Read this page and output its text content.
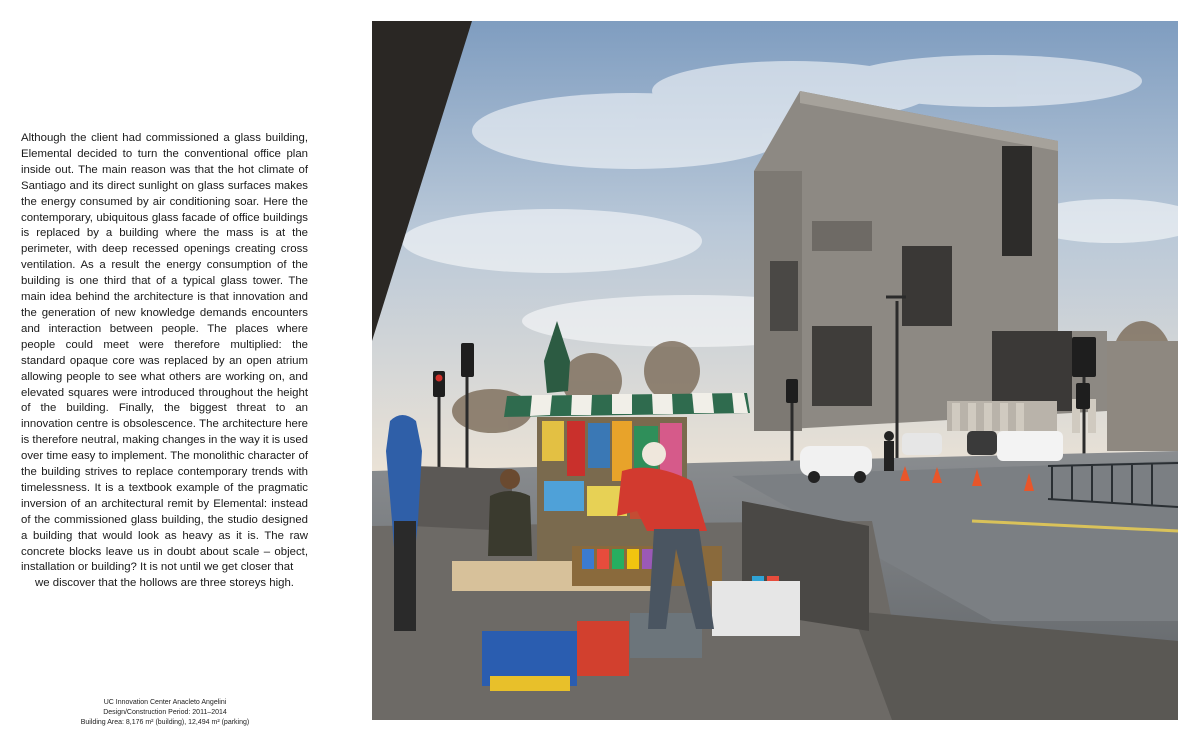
Although the client had commissioned a glass building, Elemental decided to turn the conventional office plan inside out. The main reason was that the hot climate of Santiago and its direct sunlight on glass surfaces makes the energy consumed by air conditioning soar. Here the contemporary, ubiquitous glass facade of office buildings is replaced by a building where the mass is at the perimeter, with deep recessed openings creating cross ventilation. As a result the energy consumption of the building is one third that of a typical glass tower. The main idea behind the architecture is that innovation and the generation of new knowledge demands encounters and interaction between people. The places where people could meet were therefore multiplied: the standard opaque core was replaced by an open atrium allowing people to see what others are working on, and elevated squares were introduced throughout the height of the building. Finally, the biggest threat to an innovation centre is obsolescence. The architecture here is therefore neutral, making changes in the way it is used over time easy to implement. The monolithic character of the building strives to replace contemporary trends with timelessness. It is a textbook example of the pragmatic inversion of an architectural remit by Elemental: instead of the commissioned glass building, the studio designed a building that would look as heavy as it is. The raw concrete blocks leave us in doubt about scale – object, installation or building? It is not until we get closer that

we discover that the hollows are three storeys high.

UC Innovation Center Anacleto Angelini
Design/Construction Period: 2011–2014
Building Area: 8,176 m² (building), 12,494 m² (parking)
